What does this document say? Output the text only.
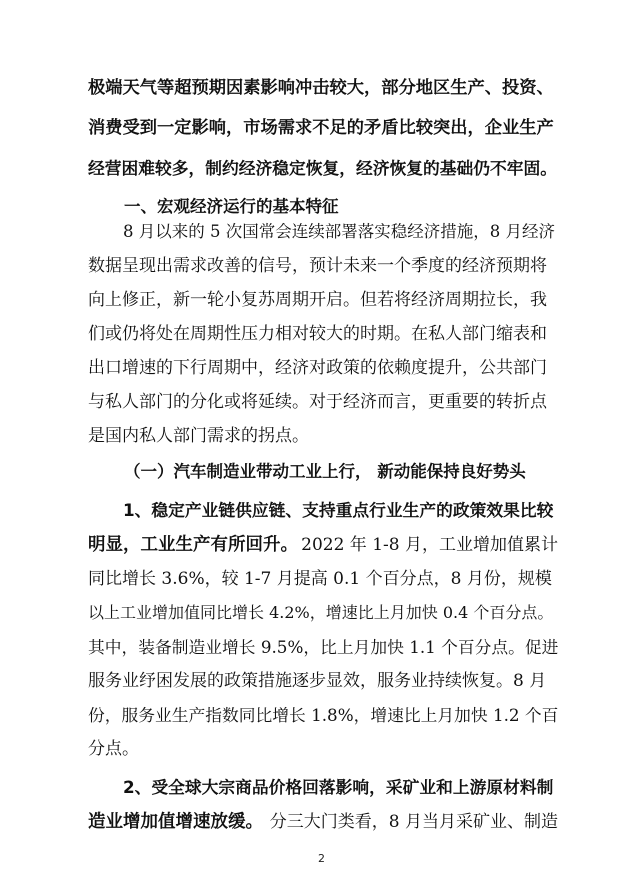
极端天气等超预期因素影响冲击较大，部分地区生产、投资、
消费受到一定影响，市场需求不足的矛盾比较突出，企业生产
经营困难较多，制约经济稳定恢复，经济恢复的基础仍不牢固。
一、宏观经济运行的基本特征
8 月以来的 5 次国常会连续部署落实稳经济措施，8 月经济
数据呈现出需求改善的信号，预计未来一个季度的经济预期将
向上修正，新一轮小复苏周期开启。但若将经济周期拉长，我
们或仍将处在周期性压力相对较大的时期。在私人部门缩表和
出口增速的下行周期中，经济对政策的依赖度提升，公共部门
与私人部门的分化或将延续。对于经济而言，更重要的转折点
是国内私人部门需求的拐点。
（一）汽车制造业带动工业上行， 新动能保持良好势头
1、稳定产业链供应链、支持重点行业生产的政策效果比较
明显，工业生产有所回升。 2022 年 1-8 月，工业增加值累计
同比增长 3.6%，较 1-7 月提高 0.1 个百分点，8 月份，规模
以上工业增加值同比增长 4.2%，增速比上月加快 0.4 个百分点。
其中，装备制造业增长 9.5%，比上月加快 1.1 个百分点。促进
服务业纾困发展的政策措施逐步显效，服务业持续恢复。8 月
份，服务业生产指数同比增长 1.8%，增速比上月加快 1.2 个百
分点。
2、受全球大宗商品价格回落影响，采矿业和上游原材料制
造业增加值增速放缓。 分三大门类看，8 月当月采矿业、制造
2
